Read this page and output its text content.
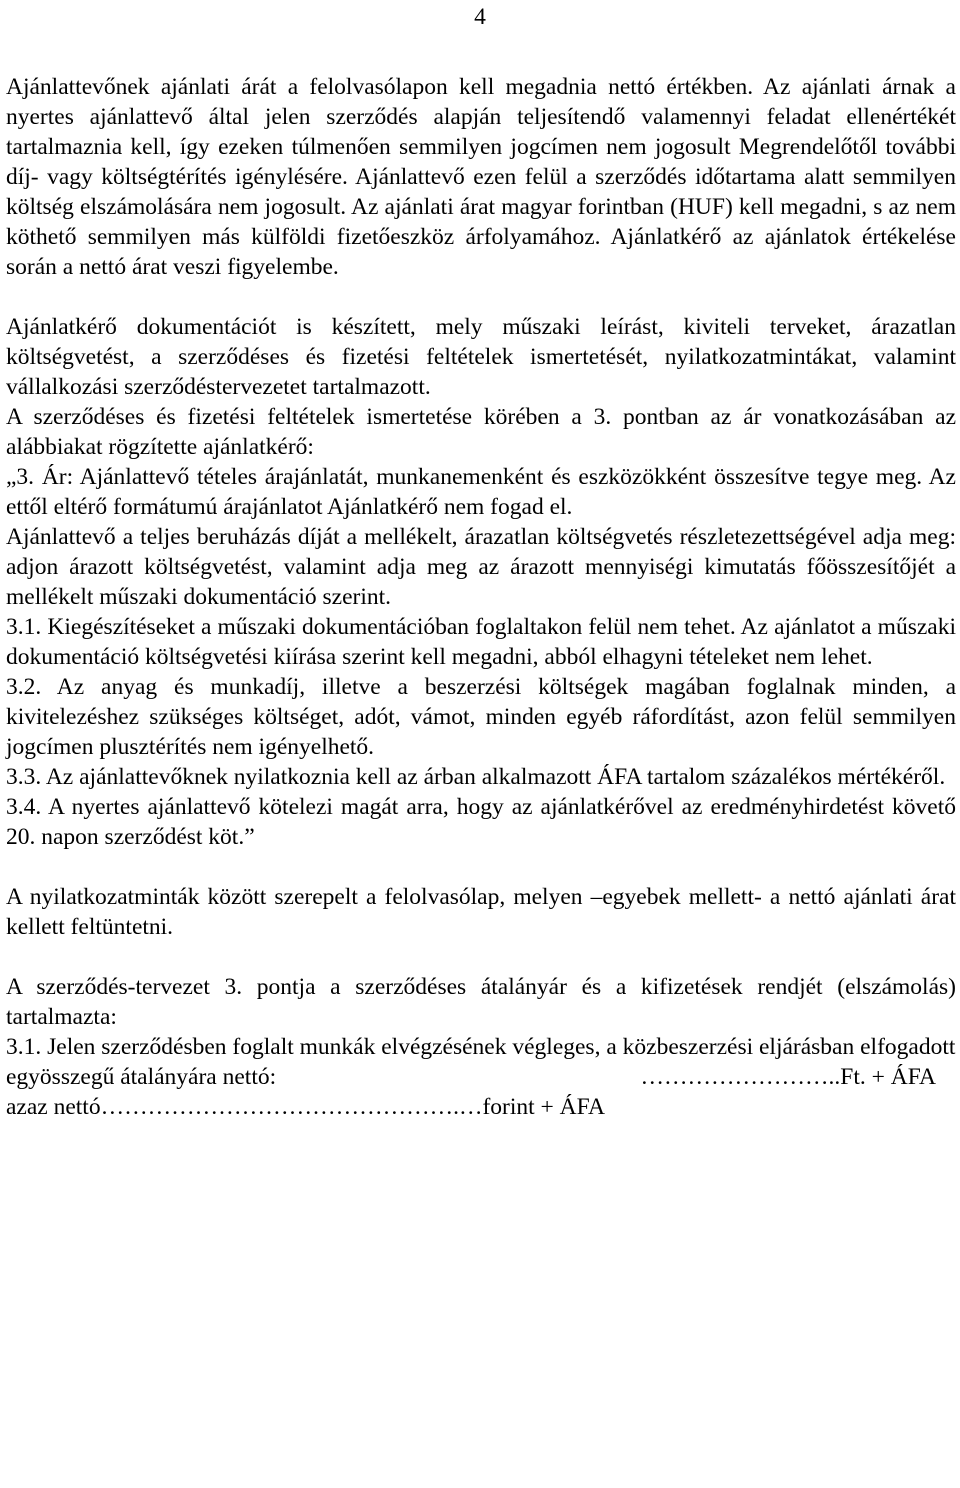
4

Ajánlattevőnek ajánlati árát a felolvasólapon kell megadnia nettó értékben. Az ajánlati árnak a nyertes ajánlattevő által jelen szerződés alapján teljesítendő valamennyi feladat ellenértékét tartalmaznia kell, így ezeken túlmenően semmilyen jogcímen nem jogosult Megrendelőtől további díj- vagy költségtérítés igénylésére. Ajánlattevő ezen felül a szerződés időtartama alatt semmilyen költség elszámolására nem jogosult. Az ajánlati árat magyar forintban (HUF) kell megadni, s az nem köthető semmilyen más külföldi fizetőeszköz árfolyamához. Ajánlatkérő az ajánlatok értékelése során a nettó árat veszi figyelembe.

Ajánlatkérő dokumentációt is készített, mely műszaki leírást, kiviteli terveket, árazatlan költségvetést, a szerződéses és fizetési feltételek ismertetését, nyilatkozatmintákat, valamint vállalkozási szerződéstervezetet tartalmazott.

A szerződéses és fizetési feltételek ismertetése körében a 3. pontban az ár vonatkozásában az alábbiakat rögzítette ajánlatkérő:

„3. Ár: Ajánlattevő tételes árajánlatát, munkanemenként és eszközökként összesítve tegye meg. Az ettől eltérő formátumú árajánlatot Ajánlatkérő nem fogad el.

Ajánlattevő a teljes beruházás díját a mellékelt, árazatlan költségvetés részletezettségével adja meg: adjon árazott költségvetést, valamint adja meg az árazott mennyiségi kimutatás főösszesítőjét a mellékelt műszaki dokumentáció szerint.

3.1. Kiegészítéseket a műszaki dokumentációban foglaltakon felül nem tehet. Az ajánlatot a műszaki dokumentáció költségvetési kiírása szerint kell megadni, abból elhagyni tételeket nem lehet.

3.2. Az anyag és munkadíj, illetve a beszerzési költségek magában foglalnak minden, a kivitelezéshez szükséges költséget, adót, vámot, minden egyéb ráfordítást, azon felül semmilyen jogcímen plusztérítés nem igényelhető.

3.3. Az ajánlattevőknek nyilatkoznia kell az árban alkalmazott ÁFA tartalom százalékos mértékéről.

3.4. A nyertes ajánlattevő kötelezi magát arra, hogy az ajánlatkérővel az eredményhirdetést követő 20. napon szerződést köt.”

A nyilatkozatminták között szerepelt a felolvasólap, melyen –egyebek mellett- a nettó ajánlati árat kellett feltüntetni.

A szerződés-tervezet 3. pontja a szerződéses átalányár és a kifizetések rendjét (elszámolás) tartalmazta:

3.1. Jelen szerződésben foglalt munkák elvégzésének végleges, a közbeszerzési eljárásban elfogadott

egyösszegű átalányára nettó:	……………………..Ft. + ÁFA
azaz nettó……………………………………….…forint + ÁFA
